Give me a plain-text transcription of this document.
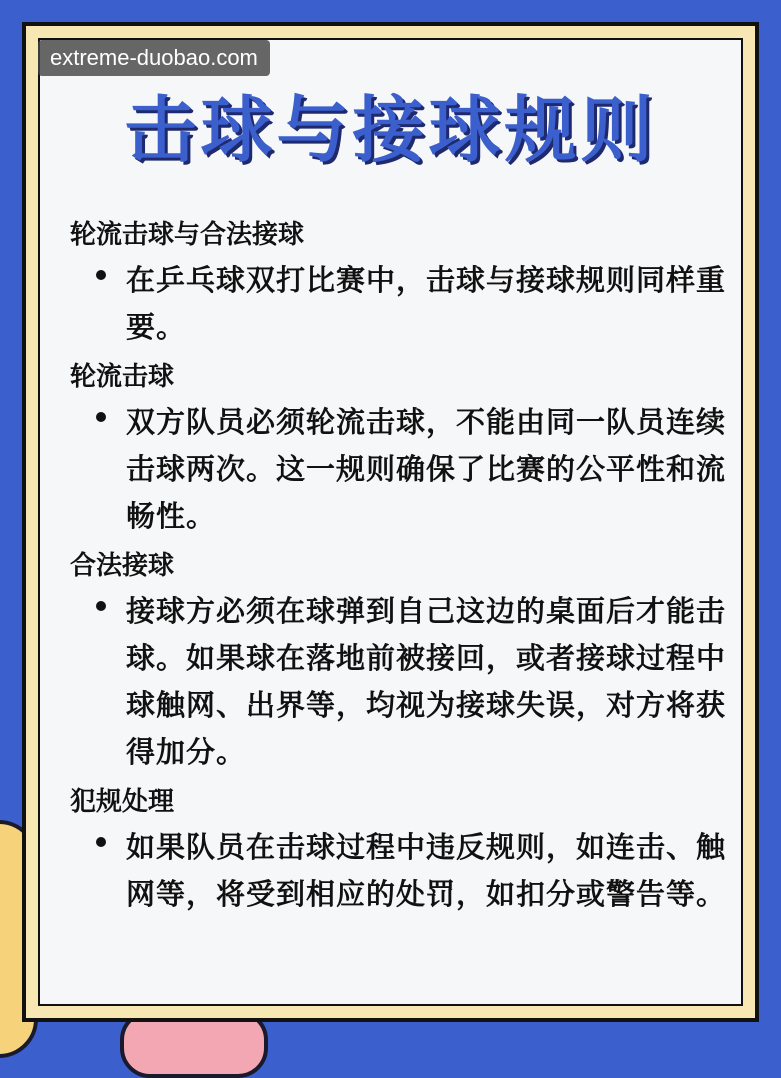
extreme-duobao.com
击球与接球规则
轮流击球与合法接球
在乒乓球双打比赛中，击球与接球规则同样重要。
轮流击球
双方队员必须轮流击球，不能由同一队员连续击球两次。这一规则确保了比赛的公平性和流畅性。
合法接球
接球方必须在球弹到自己这边的桌面后才能击球。如果球在落地前被接回，或者接球过程中球触网、出界等，均视为接球失误，对方将获得加分。
犯规处理
如果队员在击球过程中违反规则，如连击、触网等，将受到相应的处罚，如扣分或警告等。
